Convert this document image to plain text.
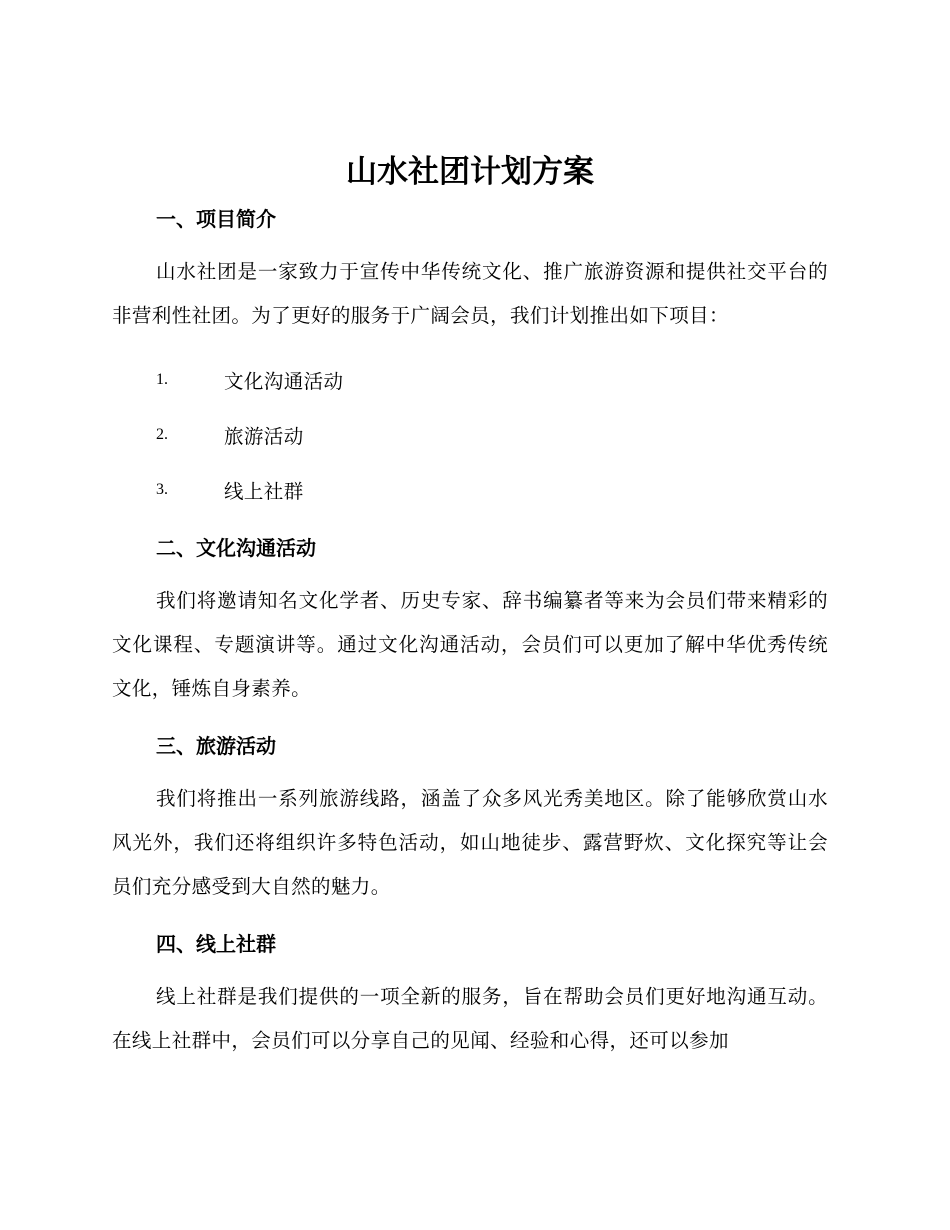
山水社团计划方案
一、项目简介

山水社团是一家致力于宣传中华传统文化、推广旅游资源和提供社交平台的非营利性社团。为了更好的服务于广阔会员，我们计划推出如下项目：

1.	文化沟通活动
2.	旅游活动
3.	线上社群
二、文化沟通活动

我们将邀请知名文化学者、历史专家、辞书编纂者等来为会员们带来精彩的文化课程、专题演讲等。通过文化沟通活动，会员们可以更加了解中华优秀传统文化，锤炼自身素养。

三、旅游活动

我们将推出一系列旅游线路，涵盖了众多风光秀美地区。除了能够欣赏山水风光外，我们还将组织许多特色活动，如山地徒步、露营野炊、文化探究等让会员们充分感受到大自然的魅力。

四、线上社群

线上社群是我们提供的一项全新的服务，旨在帮助会员们更好地沟通互动。在线上社群中，会员们可以分享自己的见闻、经验和心得，还可以参加
